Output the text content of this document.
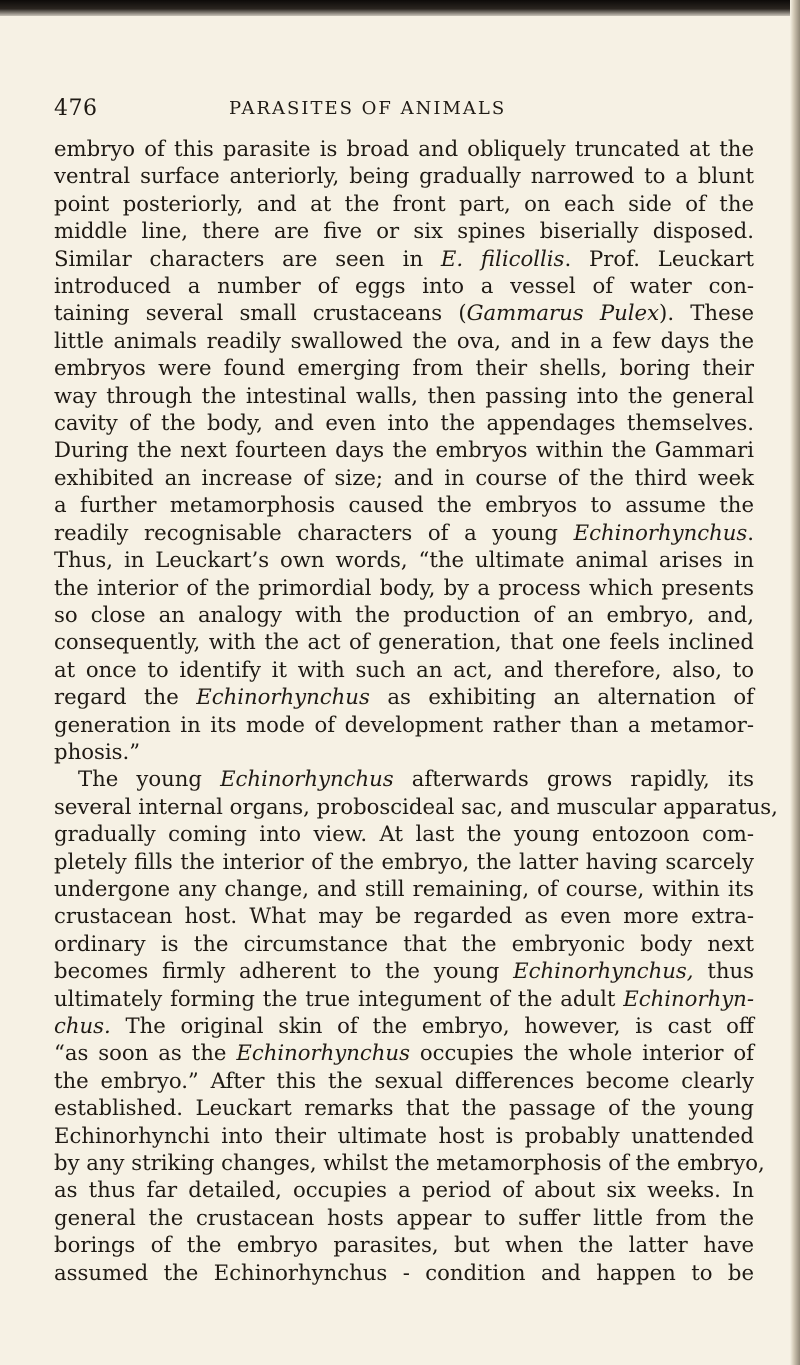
476	PARASITES OF ANIMALS
embryo of this parasite is broad and obliquely truncated at the
ventral surface anteriorly, being gradually narrowed to a blunt
point posteriorly, and at the front part, on each side of the
middle line, there are five or six spines biserially disposed.
Similar characters are seen in E. filicollis. Prof. Leuckart
introduced a number of eggs into a vessel of water con-
taining several small crustaceans (Gammarus Pulex). These
little animals readily swallowed the ova, and in a few days the
embryos were found emerging from their shells, boring their
way through the intestinal walls, then passing into the general
cavity of the body, and even into the appendages themselves.
During the next fourteen days the embryos within the Gammari
exhibited an increase of size; and in course of the third week
a further metamorphosis caused the embryos to assume the
readily recognisable characters of a young Echinorhynchus.
Thus, in Leuckart’s own words, “the ultimate animal arises in
the interior of the primordial body, by a process which presents
so close an analogy with the production of an embryo, and,
consequently, with the act of generation, that one feels inclined
at once to identify it with such an act, and therefore, also, to
regard the Echinorhynchus as exhibiting an alternation of
generation in its mode of development rather than a metamor-
phosis.”
The young Echinorhynchus afterwards grows rapidly, its
several internal organs, proboscideal sac, and muscular apparatus,
gradually coming into view. At last the young entozoon com-
pletely fills the interior of the embryo, the latter having scarcely
undergone any change, and still remaining, of course, within its
crustacean host. What may be regarded as even more extra-
ordinary is the circumstance that the embryonic body next
becomes firmly adherent to the young Echinorhynchus, thus
ultimately forming the true integument of the adult Echinorhyn-
chus. The original skin of the embryo, however, is cast off
“as soon as the Echinorhynchus occupies the whole interior of
the embryo.” After this the sexual differences become clearly
established. Leuckart remarks that the passage of the young
Echinorhynchi into their ultimate host is probably unattended
by any striking changes, whilst the metamorphosis of the embryo,
as thus far detailed, occupies a period of about six weeks. In
general the crustacean hosts appear to suffer little from the
borings of the embryo parasites, but when the latter have
assumed the Echinorhynchus - condition and happen to be
